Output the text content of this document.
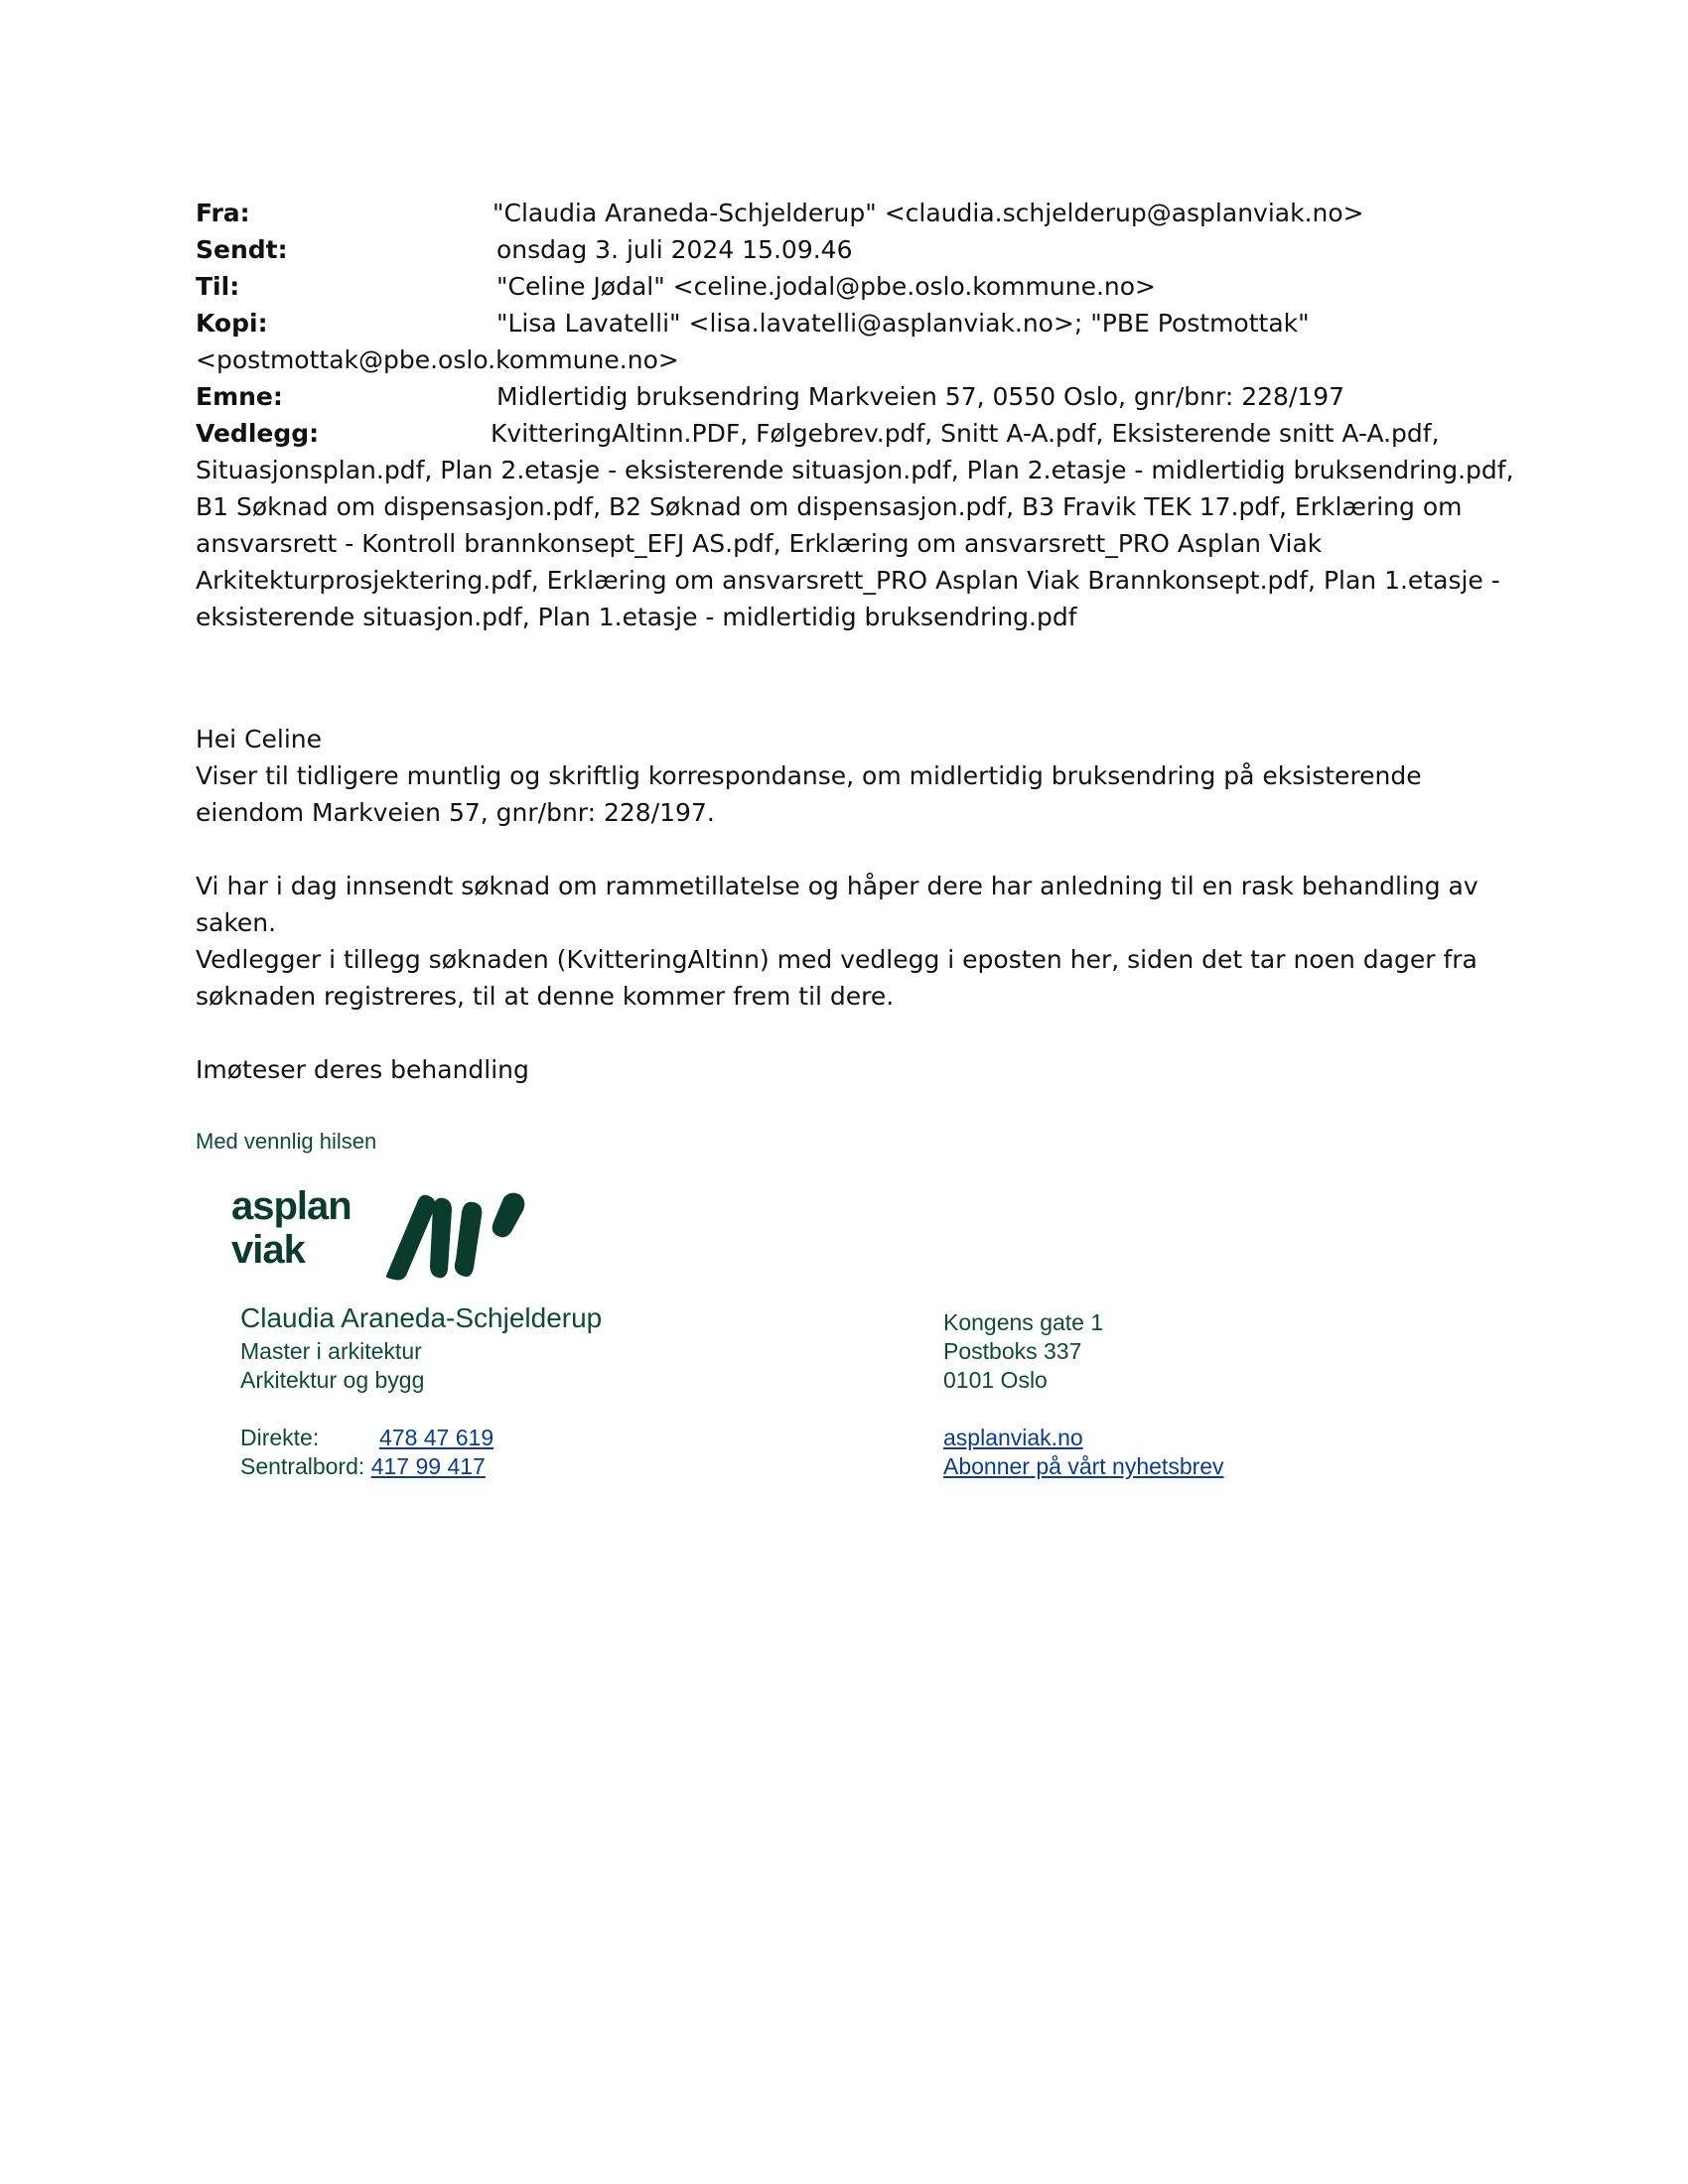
Fra:	"Claudia Araneda-Schjelderup" <claudia.schjelderup@asplanviak.no>
Sendt:	onsdag 3. juli 2024 15.09.46
Til:	"Celine Jødal" <celine.jodal@pbe.oslo.kommune.no>
Kopi:	"Lisa Lavatelli" <lisa.lavatelli@asplanviak.no>; "PBE Postmottak" <postmottak@pbe.oslo.kommune.no>
Emne:	Midlertidig bruksendring Markveien 57, 0550 Oslo, gnr/bnr: 228/197
Vedlegg:	KvitteringAltinn.PDF, Følgebrev.pdf, Snitt A-A.pdf, Eksisterende snitt A-A.pdf, Situasjonsplan.pdf, Plan 2.etasje - eksisterende situasjon.pdf, Plan 2.etasje - midlertidig bruksendring.pdf, B1 Søknad om dispensasjon.pdf, B2 Søknad om dispensasjon.pdf, B3 Fravik TEK 17.pdf, Erklæring om ansvarsrett - Kontroll brannkonsept_EFJ AS.pdf, Erklæring om ansvarsrett_PRO Asplan Viak Arkitekturprosjektering.pdf, Erklæring om ansvarsrett_PRO Asplan Viak Brannkonsept.pdf, Plan 1.etasje - eksisterende situasjon.pdf, Plan 1.etasje - midlertidig bruksendring.pdf

Hei Celine

Viser til tidligere muntlig og skriftlig korrespondanse, om midlertidig bruksendring på eksisterende eiendom Markveien 57, gnr/bnr: 228/197.

Vi har i dag innsendt søknad om rammetillatelse og håper dere har anledning til en rask behandling av saken.

Vedlegger i tillegg søknaden (KvitteringAltinn) med vedlegg i eposten her, siden det tar noen dager fra søknaden registreres, til at denne kommer frem til dere.

Imøteser deres behandling

Med vennlig hilsen
asplan
viak
Claudia Araneda-Schjelderup
Master i arkitektur
Arkitektur og bygg
Direkte:	478 47 619
Sentralbord: 417 99 417
Kongens gate 1
Postboks 337
0101 Oslo
asplanviak.no
Abonner på vårt nyhetsbrev
